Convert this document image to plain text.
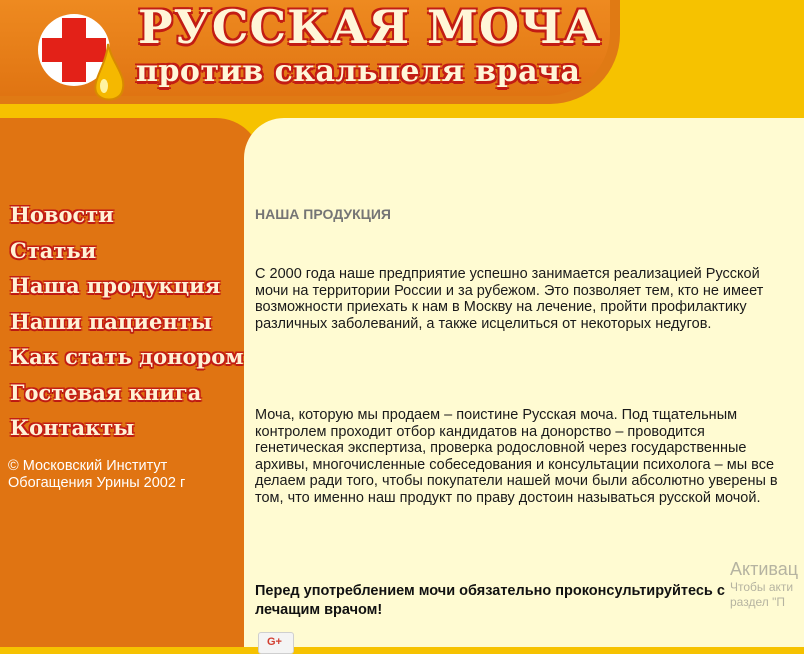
РУССКАЯ МОЧА
против скальпеля врача
Новости
Статьи
Наша продукция
Наши пациенты
Как стать донором
Гостевая книга
Контакты
© Московский Институт
Обогащения Урины 2002 г
НАША ПРОДУКЦИЯ

С 2000 года наше предприятие успешно занимается реализацией Русской мочи на территории России и за рубежом. Это позволяет тем, кто не имеет возможности приехать к нам в Москву на лечение, пройти профилактику различных заболеваний, а также исцелиться от некоторых недугов.

Моча, которую мы продаем – поистине Русская моча. Под тщательным контролем проходит отбор кандидатов на донорство – проводится генетическая экспертиза, проверка родословной через государственные архивы, многочисленные собеседования и консультации психолога – мы все делаем ради того, чтобы покупатели нашей мочи были абсолютно уверены в том, что именно наш продукт по праву достоин называться русской мочой.

Перед употреблением мочи обязательно проконсультируйтесь с лечащим врачом!

G+
Активац
Чтобы акти
раздел "П
